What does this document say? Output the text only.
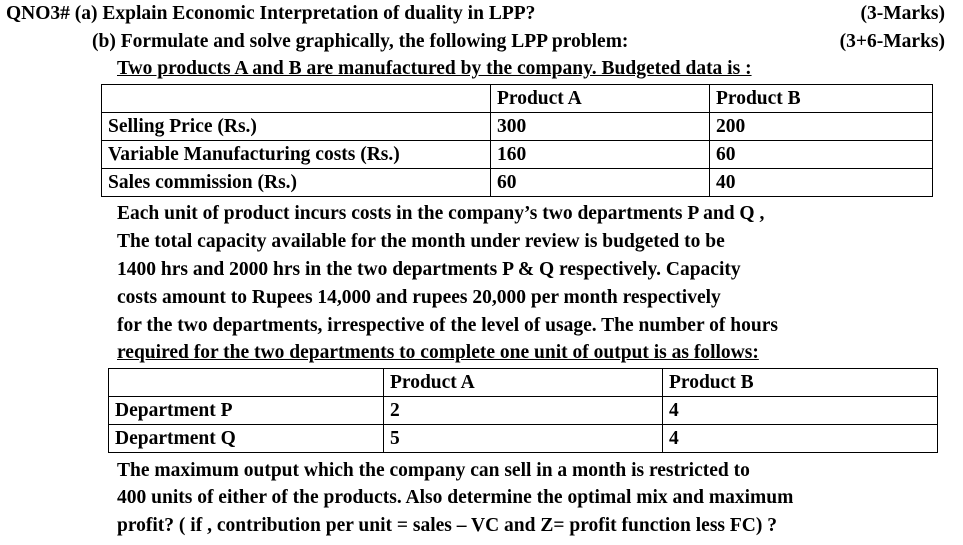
QNO3# (a) Explain Economic Interpretation of duality in LPP?	(3-Marks)
(b) Formulate and solve graphically, the following LPP problem:	(3+6-Marks)
Two products A and B are manufactured by the company. Budgeted data is :
	Product A	Product B
Selling Price (Rs.)	300	200
Variable Manufacturing costs (Rs.)	160	60
Sales commission (Rs.)	60	40
Each unit of product incurs costs in the company’s two departments P and Q ,
The total capacity available for the month under review is budgeted to be
1400 hrs and 2000 hrs in the two departments P & Q respectively. Capacity
costs amount to Rupees 14,000 and rupees 20,000 per month respectively
for the two departments, irrespective of the level of usage. The number of hours
required for the two departments to complete one unit of output is as follows:
	Product A	Product B
Department P	2	4
Department Q	5	4
The maximum output which the company can sell in a month is restricted to
400 units of either of the products. Also determine the optimal mix and maximum
profit? ( if , contribution per unit = sales – VC and Z= profit function less FC) ?
